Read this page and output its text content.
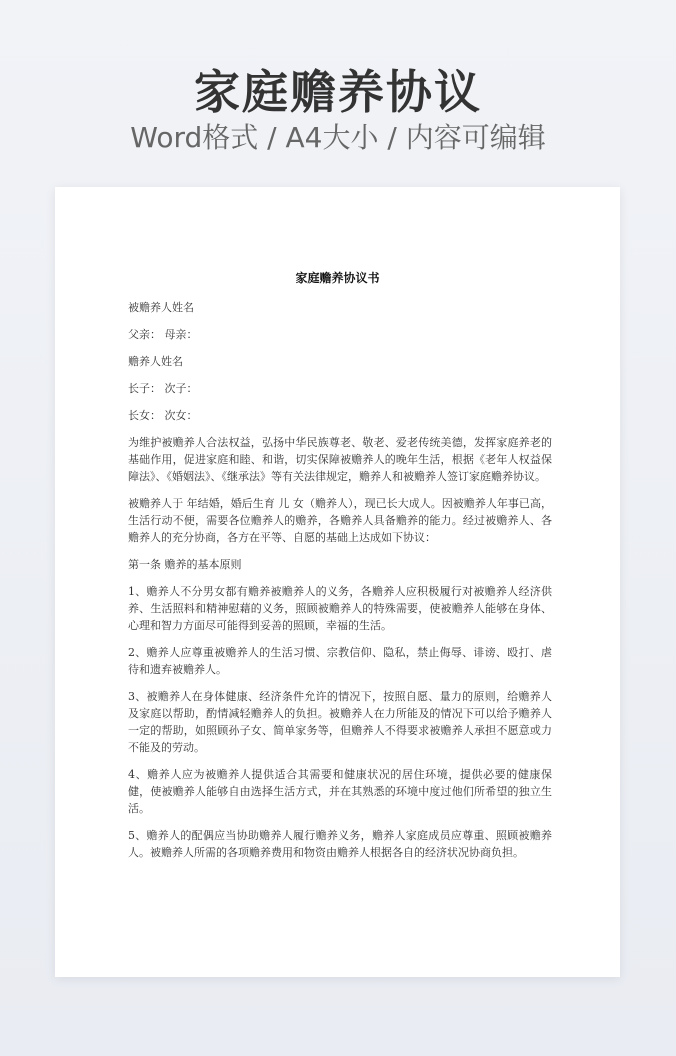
家庭赡养协议
Word格式 / A4大小 / 内容可编辑
家庭赡养协议书

被赡养人姓名

父亲： 母亲：

赡养人姓名

长子： 次子：

长女： 次女：

为维护被赡养人合法权益，弘扬中华民族尊老、敬老、爱老传统美德，发挥家庭养老的基础作用，促进家庭和睦、和谐，切实保障被赡养人的晚年生活，根据《老年人权益保障法》、《婚姻法》、《继承法》等有关法律规定，赡养人和被赡养人签订家庭赡养协议。

被赡养人于 年结婚，婚后生育 儿 女（赡养人），现已长大成人。因被赡养人年事已高，生活行动不便，需要各位赡养人的赡养，各赡养人具备赡养的能力。经过被赡养人、各赡养人的充分协商，各方在平等、自愿的基础上达成如下协议：

第一条 赡养的基本原则

1、赡养人不分男女都有赡养被赡养人的义务，各赡养人应积极履行对被赡养人经济供养、生活照料和精神慰藉的义务，照顾被赡养人的特殊需要，使被赡养人能够在身体、心理和智力方面尽可能得到妥善的照顾，幸福的生活。

2、赡养人应尊重被赡养人的生活习惯、宗教信仰、隐私，禁止侮辱、诽谤、殴打、虐待和遗弃被赡养人。

3、被赡养人在身体健康、经济条件允许的情况下，按照自愿、量力的原则，给赡养人及家庭以帮助，酌情减轻赡养人的负担。被赡养人在力所能及的情况下可以给予赡养人一定的帮助，如照顾孙子女、简单家务等，但赡养人不得要求被赡养人承担不愿意或力不能及的劳动。

4、赡养人应为被赡养人提供适合其需要和健康状况的居住环境，提供必要的健康保健，使被赡养人能够自由选择生活方式，并在其熟悉的环境中度过他们所希望的独立生活。

5、赡养人的配偶应当协助赡养人履行赡养义务，赡养人家庭成员应尊重、照顾被赡养人。被赡养人所需的各项赡养费用和物资由赡养人根据各自的经济状况协商负担。
